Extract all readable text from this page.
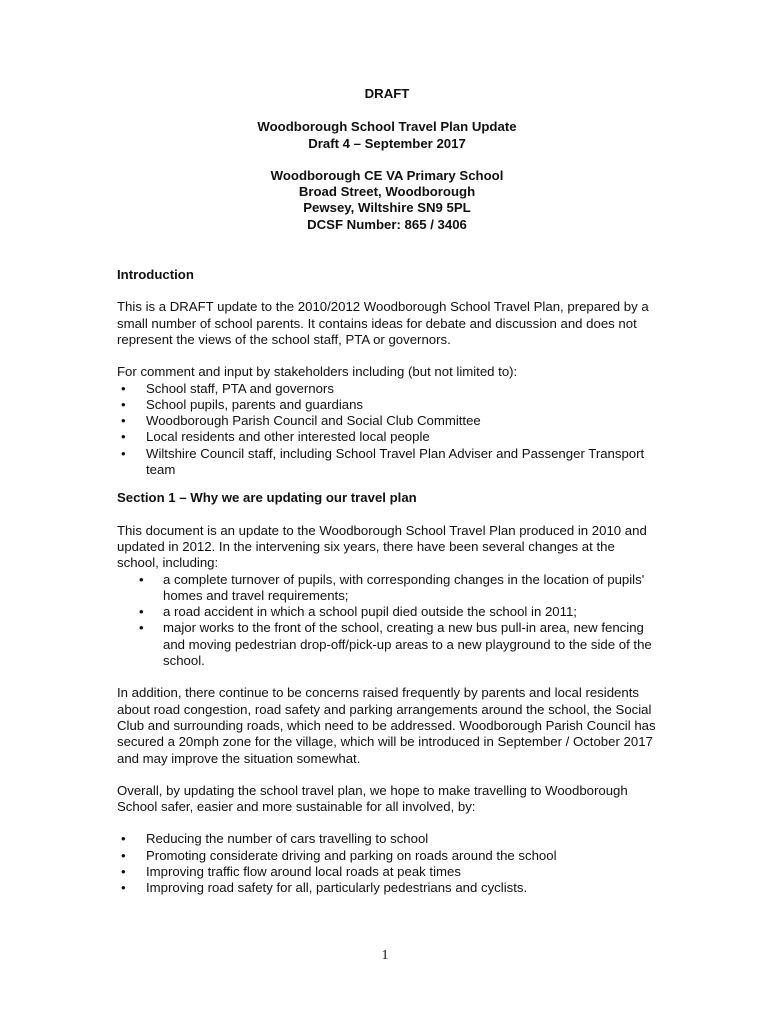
DRAFT

Woodborough School Travel Plan Update

Draft 4 – September 2017

Woodborough CE VA Primary School

Broad Street, Woodborough

Pewsey, Wiltshire SN9 5PL

DCSF Number: 865 / 3406

Introduction

This is a DRAFT update to the 2010/2012 Woodborough School Travel Plan, prepared by a small number of school parents. It contains ideas for debate and discussion and does not represent the views of the school staff, PTA or governors.

For comment and input by stakeholders including (but not limited to):

• School staff, PTA and governors
• School pupils, parents and guardians
• Woodborough Parish Council and Social Club Committee
• Local residents and other interested local people
• Wiltshire Council staff, including School Travel Plan Adviser and Passenger Transport team

Section 1 – Why we are updating our travel plan

This document is an update to the Woodborough School Travel Plan produced in 2010 and updated in 2012. In the intervening six years, there have been several changes at the school, including:

• a complete turnover of pupils, with corresponding changes in the location of pupils' homes and travel requirements;
• a road accident in which a school pupil died outside the school in 2011;
• major works to the front of the school, creating a new bus pull-in area, new fencing and moving pedestrian drop-off/pick-up areas to a new playground to the side of the school.

In addition, there continue to be concerns raised frequently by parents and local residents about road congestion, road safety and parking arrangements around the school, the Social Club and surrounding roads, which need to be addressed. Woodborough Parish Council has secured a 20mph zone for the village, which will be introduced in September / October 2017 and may improve the situation somewhat.

Overall, by updating the school travel plan, we hope to make travelling to Woodborough School safer, easier and more sustainable for all involved, by:

• Reducing the number of cars travelling to school
• Promoting considerate driving and parking on roads around the school
• Improving traffic flow around local roads at peak times
• Improving road safety for all, particularly pedestrians and cyclists.
1
